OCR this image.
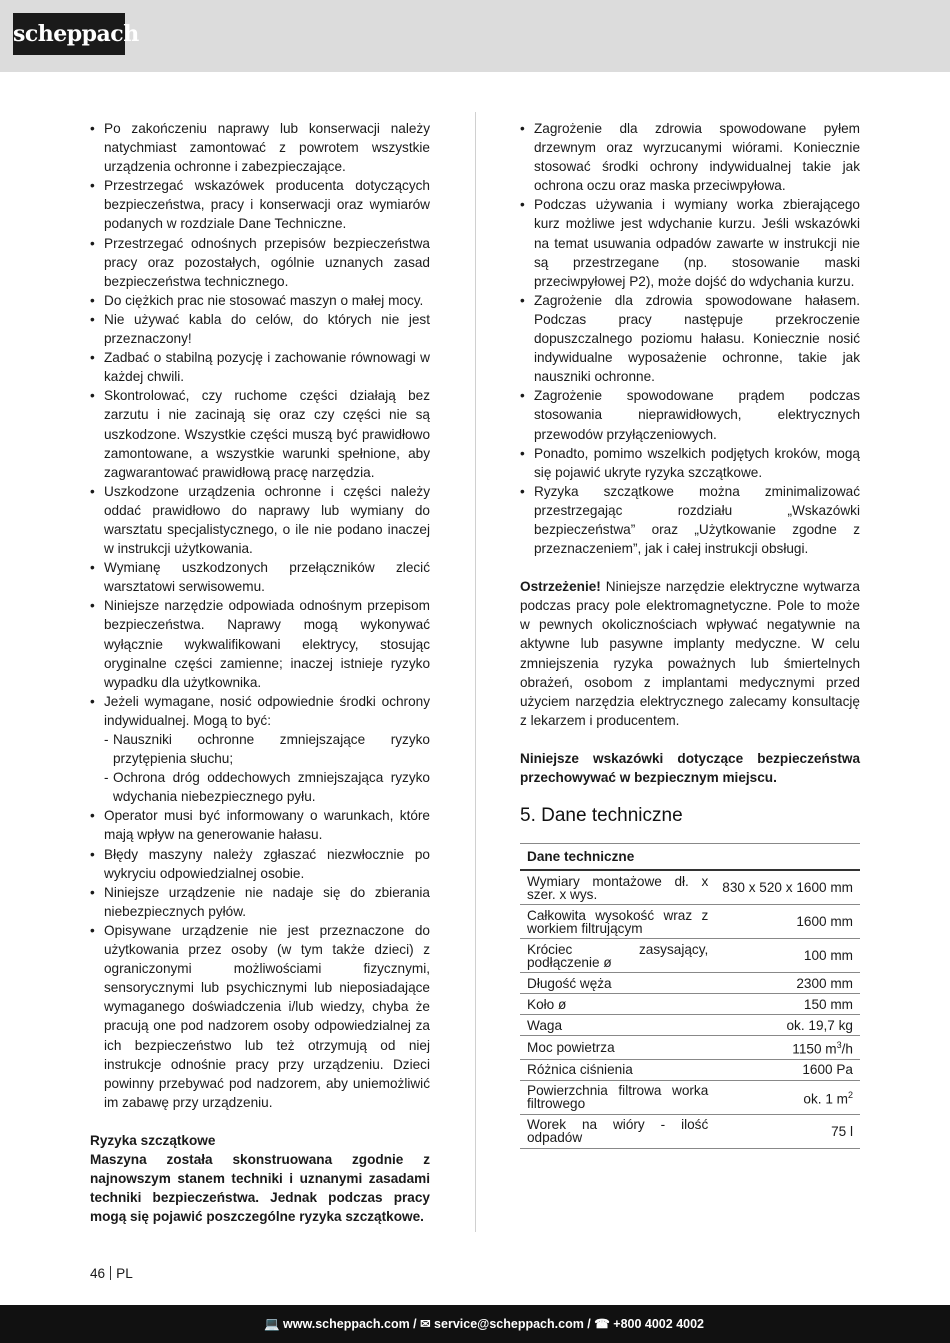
scheppach
• Po zakończeniu naprawy lub konserwacji należy natychmiast zamontować z powrotem wszystkie urządzenia ochronne i zabezpieczające.
• Przestrzegać wskazówek producenta dotyczących bezpieczeństwa, pracy i konserwacji oraz wymiarów podanych w rozdziale Dane Techniczne.
• Przestrzegać odnośnych przepisów bezpieczeństwa pracy oraz pozostałych, ogólnie uznanych zasad bezpieczeństwa technicznego.
• Do ciężkich prac nie stosować maszyn o małej mocy.
• Nie używać kabla do celów, do których nie jest przeznaczony!
• Zadbać o stabilną pozycję i zachowanie równowagi w każdej chwili.
• Skontrolować, czy ruchome części działają bez zarzutu i nie zacinają się oraz czy części nie są uszkodzone. Wszystkie części muszą być prawidłowo zamontowane, a wszystkie warunki spełnione, aby zagwarantować prawidłową pracę narzędzia.
• Uszkodzone urządzenia ochronne i części należy oddać prawidłowo do naprawy lub wymiany do warsztatu specjalistycznego, o ile nie podano inaczej w instrukcji użytkowania.
• Wymianę uszkodzonych przełączników zlecić warsztatowi serwisowemu.
• Niniejsze narzędzie odpowiada odnośnym przepisom bezpieczeństwa. Naprawy mogą wykonywać wyłącznie wykwalifikowani elektrycy, stosując oryginalne części zamienne; inaczej istnieje ryzyko wypadku dla użytkownika.
• Jeżeli wymagane, nosić odpowiednie środki ochrony indywidualnej. Mogą to być:
- Nauszniki ochronne zmniejszające ryzyko przytępienia słuchu;
- Ochrona dróg oddechowych zmniejszająca ryzyko wdychania niebezpiecznego pyłu.
• Operator musi być informowany o warunkach, które mają wpływ na generowanie hałasu.
• Błędy maszyny należy zgłaszać niezwłocznie po wykryciu odpowiedzialnej osobie.
• Niniejsze urządzenie nie nadaje się do zbierania niebezpiecznych pyłów.
• Opisywane urządzenie nie jest przeznaczone do użytkowania przez osoby (w tym także dzieci) z ograniczonymi możliwościami fizycznymi, sensorycznymi lub psychicznymi lub nieposiadające wymaganego doświadczenia i/lub wiedzy, chyba że pracują one pod nadzorem osoby odpowiedzialnej za ich bezpieczeństwo lub też otrzymują od niej instrukcje odnośnie pracy przy urządzeniu. Dzieci powinny przebywać pod nadzorem, aby uniemożliwić im zabawę przy urządzeniu.

Ryzyka szczątkowe

Maszyna została skonstruowana zgodnie z najnowszym stanem techniki i uznanymi zasadami techniki bezpieczeństwa. Jednak podczas pracy mogą się pojawić poszczególne ryzyka szczątkowe.

• Zagrożenie dla zdrowia spowodowane pyłem drzewnym oraz wyrzucanymi wiórami. Koniecznie stosować środki ochrony indywidualnej takie jak ochrona oczu oraz maska przeciwpyłowa.
• Podczas używania i wymiany worka zbierającego kurz możliwe jest wdychanie kurzu. Jeśli wskazówki na temat usuwania odpadów zawarte w instrukcji nie są przestrzegane (np. stosowanie maski przeciwpyłowej P2), może dojść do wdychania kurzu.
• Zagrożenie dla zdrowia spowodowane hałasem. Podczas pracy następuje przekroczenie dopuszczalnego poziomu hałasu. Koniecznie nosić indywidualne wyposażenie ochronne, takie jak nauszniki ochronne.
• Zagrożenie spowodowane prądem podczas stosowania nieprawidłowych, elektrycznych przewodów przyłączeniowych.
• Ponadto, pomimo wszelkich podjętych kroków, mogą się pojawić ukryte ryzyka szczątkowe.
• Ryzyka szczątkowe można zminimalizować przestrzegając rozdziału „Wskazówki bezpieczeństwa” oraz „Użytkowanie zgodne z przeznaczeniem”, jak i całej instrukcji obsługi.

Ostrzeżenie! Niniejsze narzędzie elektryczne wytwarza podczas pracy pole elektromagnetyczne. Pole to może w pewnych okolicznościach wpływać negatywnie na aktywne lub pasywne implanty medyczne. W celu zmniejszenia ryzyka poważnych lub śmiertelnych obrażeń, osobom z implantami medycznymi przed użyciem narzędzia elektrycznego zalecamy konsultację z lekarzem i producentem.

Niniejsze wskazówki dotyczące bezpieczeństwa przechowywać w bezpiecznym miejscu.

5. Dane techniczne
Dane techniczne	
Wymiary montażowe dł. x szer. x wys.	830 x 520 x 1600 mm
Całkowita wysokość wraz z workiem filtrującym	1600 mm
Króciec zasysający, podłączenie ø	100 mm
Długość węża	2300 mm
Koło ø	150 mm
Waga	ok. 19,7 kg
Moc powietrza	1150 $m^3/h$
Różnica ciśnienia	1600 Pa
Powierzchnia filtrowa worka filtrowego	ok. 1 $m^2$
Worek na wióry - ilość odpadów	75 l
46 PL
💻 www.scheppach.com / ✉ service@scheppach.com / ☎ +800 4002 4002
